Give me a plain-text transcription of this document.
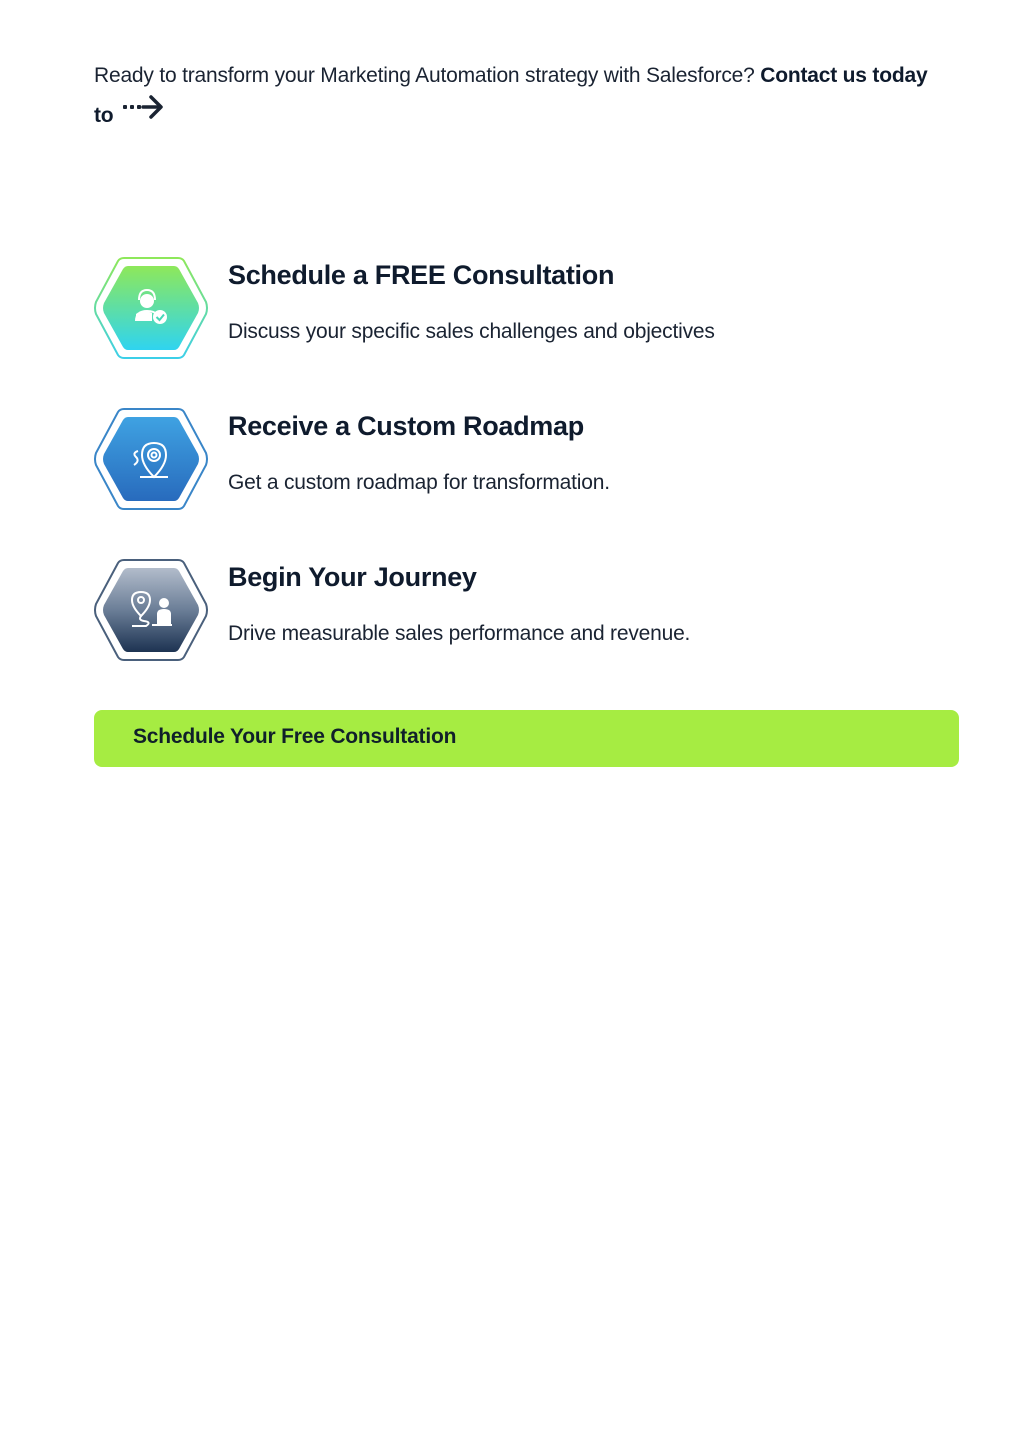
Ready to transform your Marketing Automation strategy with Salesforce? Contact us today to
Schedule a FREE Consultation
Discuss your specific sales challenges and objectives
Receive a Custom Roadmap
Get a custom roadmap for transformation.
Begin Your Journey
Drive measurable sales performance and revenue.
Schedule Your Free Consultation
